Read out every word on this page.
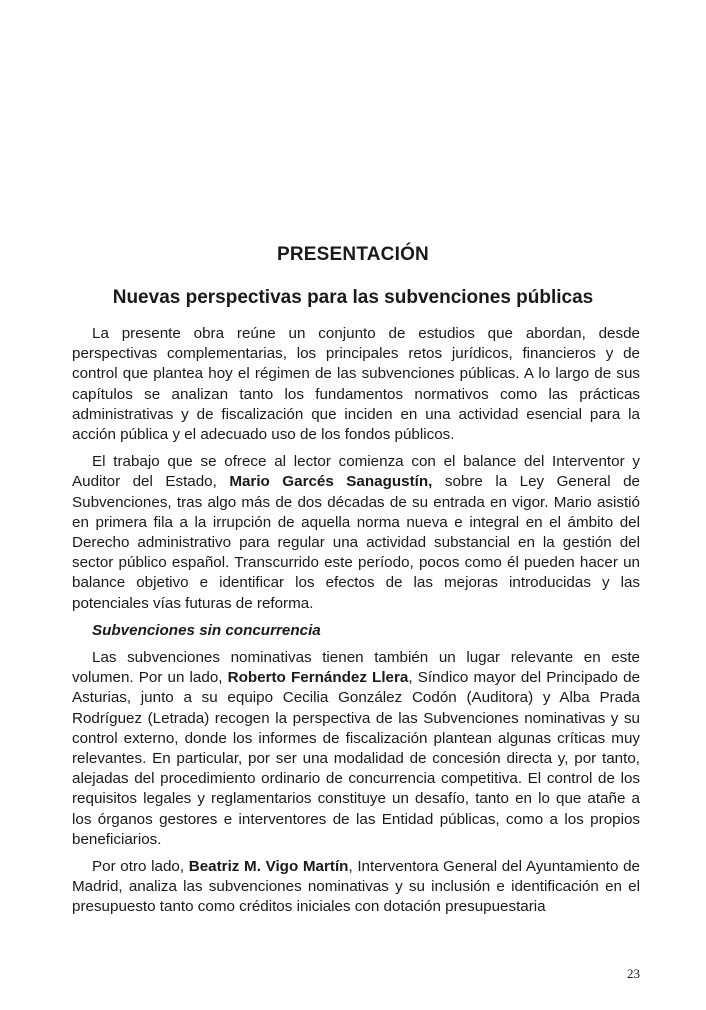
PRESENTACIÓN
Nuevas perspectivas para las subvenciones públicas

La presente obra reúne un conjunto de estudios que abordan, desde perspectivas complementarias, los principales retos jurídicos, financieros y de control que plantea hoy el régimen de las subvenciones públicas. A lo largo de sus capítulos se analizan tanto los fundamentos normativos como las prácticas administrativas y de fiscalización que inciden en una actividad esencial para la acción pública y el adecuado uso de los fondos públicos.

El trabajo que se ofrece al lector comienza con el balance del Interventor y Auditor del Estado, Mario Garcés Sanagustín, sobre la Ley General de Subvenciones, tras algo más de dos décadas de su entrada en vigor. Mario asistió en primera fila a la irrupción de aquella norma nueva e integral en el ámbito del Derecho administrativo para regular una actividad substancial en la gestión del sector público español. Transcurrido este período, pocos como él pueden hacer un balance objetivo e identificar los efectos de las mejoras introducidas y las potenciales vías futuras de reforma.

Subvenciones sin concurrencia

Las subvenciones nominativas tienen también un lugar relevante en este volumen. Por un lado, Roberto Fernández Llera, Síndico mayor del Principado de Asturias, junto a su equipo Cecilia González Codón (Auditora) y Alba Prada Rodríguez (Letrada) recogen la perspectiva de las Subvenciones nominativas y su control externo, donde los informes de fiscalización plantean algunas críticas muy relevantes. En particular, por ser una modalidad de concesión directa y, por tanto, alejadas del procedimiento ordinario de concurrencia competitiva. El control de los requisitos legales y reglamentarios constituye un desafío, tanto en lo que atañe a los órganos gestores e interventores de las Entidad públicas, como a los propios beneficiarios.

Por otro lado, Beatriz M. Vigo Martín, Interventora General del Ayuntamiento de Madrid, analiza las subvenciones nominativas y su inclusión e identificación en el presupuesto tanto como créditos iniciales con dotación presupuestaria

23
